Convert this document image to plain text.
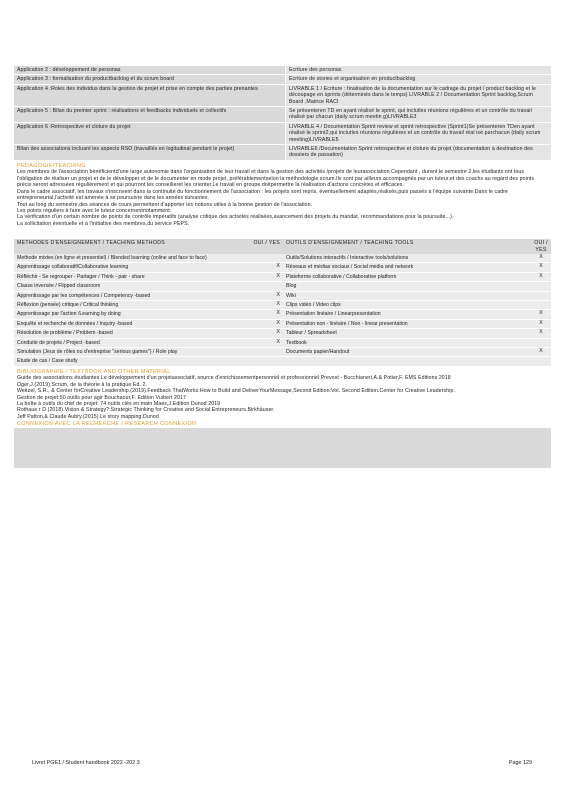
Application 2 : développement de personas	Ecriture des personas
Application 3 : formalisation du productbacklog et du scrum board	Ecriture de stories et organisation en productbacklog
Application 4 :Roles des individus dans la gestion de projet et prise en compte des parties prenantes	LIVRABLE 1 / Ecriture : finalisation de la documentation sur le cadrage du projet / product backlog et le découpage en sprints (déterminés dans le temps) LIVRABLE 2 / Documentation Sprint backlog,Scrum Board ,Matrice RACI
Application 5 : Bilan du premier sprint : réalisations et feedbacks individuels et collectifs	Se présenteren TD en ayant réalisé le sprint, qui inclutles réunions régulières et un contrôle du travail réalisé par chacun (daily scrum meetin g)LIVRABLE3
Application 6 :Retrospective et cloture du projet	LIVRABLE 4 / Documentation Sprint review et sprint retrospective (Sprint1)Se présenteren TDen ayant réalisé le sprint2,qui inclutles réunions régulières et un contrôle du travail réal isé parchacun (daily scrum meeting)LIVRABLE5
Bilan des associations incluant les aspects RSO (travaillés en logitudinal pendant le projet)	LIVRABLE6 /Documentation Sprint retrospective et cloture du projet (documentation à destination des dossiers de passation)
PEDAGOGIE/TEACHING
Les membres de l'association bénéficientd'une large autonomie dans l'organisation de leur travail et dans la gestion des activités /projets de leurassociation.Cependant , durant le semestre 2,les étudiants ont tous l'obligation de réaliser un projet et de le développer et de le documenter en mode projet, préférablementselon la méthodologie scrum.Ils sont par ailleurs accompagnés par un tuteur,et des coachs au regard des points précis seront adressées régulièrement et qui pourront les conseilleret les orienter.Le travail en groupe doitpermettre la réalisation d'actions concrètes et efficaces.
Dans le cadre associatif, les travaux s'inscrivent dans la continuité du fonctionnement de l'association : les projets sont repris, éventuellement adaptés,réalisés,puis passés à l'équipe suivante.Dans le cadre entrepreneurial,l'activité est amenée à se poursuivre dans les années suivantes.
Tout au long du semestre,des séances de cours permettent d'apporter les notions utiles à la bonne gestion de l'association.
Les points réguliers à faire avec le tuteur concernentnotamment:
La vérification d'un certain nombre de points de contrôle impératifs (analyse critique des activités réalisées,avancement des projets du mandat, recommandations pour la poursuite...).
La sollicitation éventuelle et à l'initiative des membres,du service PEPS.
METHODES D'ENSEIGNEMENT / TEACHING METHODS	OUI / YES	OUTILS D'ENSEIGNEMENT / TEACHING TOOLS	OUI / YES
Methode mixtes (en ligne et presentiel) / Blended learning (online and face to face)	Outils/Solutions interactifs / Interactive tools/solutions	X
Apprentissage collaboratif/Collaborative learning	X	Réseaux et médias sociaux / Social media and network	X
Réfléchir - Se regrouper - Partager / Think - pair - share	X	Plateforme collaborative / Collaborative platform	X
Classe inversée / Flipped classroom	Blog
Apprentissage par les compétences / Competency -based	X	Wiki
Réflexion (pensée) critique / Critical thinking	X	Clips vidéo / Video clips
Apprentissage par l'action /Learning by doing	X	Présentation linéaire / Linearpresentation	X
Enquête et recherche de données / Inquiry -based	X	Présentation non - linéaire / Non - linear presentation	X
Résolution de problème / Problem -based	X	Tableur / Spreadsheet	X
Conduite de projets / Project -based	X	Textbook
Simulation (Jeux de rôles ou d'entreprise "serious games") / Role play	Documents papier/Handout	X
Etude de cas / Case study
BIBLIOGRAPHIE / TEXTBOOK AND OTHER MATERIAL
Guide des associations étudiantes Le développement d'un projetassociatif, source d'enrichissementpersonnel et professionnel Prevost - Bucchianeri,A.& Potier,F. EMS Editions 2018
Oger,J.(2019).Scrum, de la théorie à la pratique Ed. 2.
Weitzel, S.R., & Center forCreative Leadership.(2019).Feedback ThatWorks:How to Build and DeliverYourMessage,Second Edition:Vol. Second Edition.Center for Creative Leadership.
Gestion de projet:50 outils pour agir Bouchaour,F. Edition Vuibert 2017
La boîte à outils du chef de projet: 74 outils clés en main Maes,J.Edition Dunod 2019
Rothaue r D.(2018).Vision & Strategy?:Strategic Thinking for Creative and Social Entrepreneurs.Birkhäuser.
Jeff Patton,& Claude Aubry.(2015).Le story mapping.Dunod
CONNEXION AVEC LA RECHERCHE / RESEARCH CONNEXION
Livret PGE1 / Student handbook 2022 -202 3	Page 129
